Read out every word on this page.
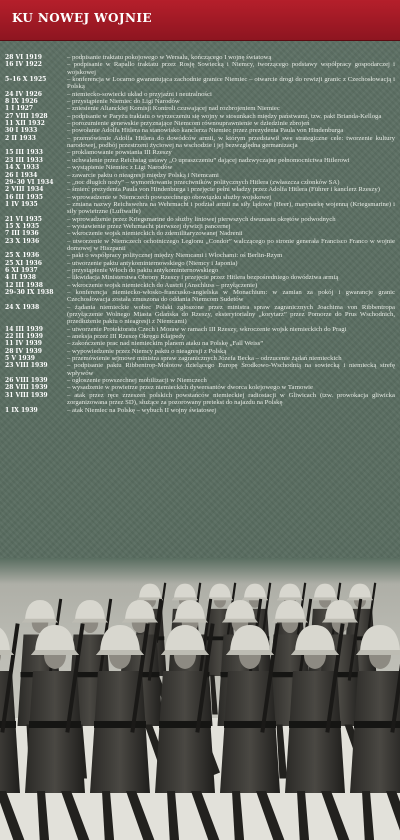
KU NOWEJ WOJNIE
28 VI 1919	– podpisanie traktatu pokojowego w Wersalu, kończącego I wojnę światową
16 IV 1922	– podpisanie w Rapallo traktatu przez Rosję Sowiecką i Niemcy, tworzącego podstawy współpracy gospodarczej i wojskowej
5–16 X 1925	– konferencja w Locarno gwarantująca zachodnie granice Niemiec – otwarcie drogi do rewizji granic z Czechosłowacją i Polską
24 IV 1926	– niemiecko-sowiecki układ o przyjaźni i neutralności
8 IX 1926	– przystąpienie Niemiec do Ligi Narodów
1 I 1927	– zniesienie Alianckiej Komisji Kontroli czuwającej nad rozbrojeniem Niemiec
27 VIII 1928	– podpisanie w Paryżu traktatu o wyrzeczeniu się wojny w stosunkach między państwami, tzw. pakt Brianda-Kelloga
11 XII 1932	– porozumienie genewskie przyznające Niemcom równouprawnienie w dziedzinie zbrojeń
30 I 1933	– powołanie Adolfa Hitlera na stanowisko kanclerza Niemiec przez prezydenta Paula von Hindenburga
2 II 1933	– przemówienie Adolfa Hitlera do dowódców armii, w którym przedstawił swe strategiczne cele: tworzenie kultury narodowej, podbój przestrzeni życiowej na wschodzie i jej bezwzględna germanizacja
15 III 1933	– proklamowanie powstania III Rzeszy
23 III 1933	– uchwalenie przez Reichstag ustawy „O upraszczeniu” dającej nadzwyczajne pełnomocnictwa Hitlerowi
14 X 1933	– wystąpienie Niemiec z Ligi Narodów
26 I 1934	– zawarcie paktu o nieagresji między Polską i Niemcami
29–30 VI 1934	– „noc długich noży” – wymordowanie przeciwników politycznych Hitlera (zwłaszcza członków SA)
2 VIII 1934	– śmierć prezydenta Paula von Hindenburga i przejęcie pełni władzy przez Adolfa Hitlera (Führer i kanclerz Rzeszy)
16 III 1935	– wprowadzenie w Niemczech powszechnego obowiązku służby wojskowej
1 IV 1935	– zmiana nazwy Reichswehra na Wehrmacht i podział armii na siły lądowe (Heer), marynarkę wojenną (Kriegsmarine) i siły powietrzne (Luftwaffe)
21 VI 1935	– wprowadzenie przez Kriegsmarine do służby liniowej pierwszych dwunastu okrętów podwodnych
15 X 1935	– wystawienie przez Wehrmacht pierwszej dywizji pancernej
7 III 1936	– wkroczenie wojsk niemieckich do zdemilitaryzowanej Nadrenii
23 X 1936	– utworzenie w Niemczech ochotniczego Legionu „Condor” walczącego po stronie generała Francisco Franco w wojnie domowej w Hiszpanii
25 X 1936	– pakt o współpracy politycznej między Niemcami i Włochami: oś Berlin-Rzym
25 XI 1936	– utworzenie paktu antykominternowskiego (Niemcy i Japonia)
6 XI 1937	– przystąpienie Włoch do paktu antykominternowskiego
4 II 1938	– likwidacja Ministerstwa Obrony Rzeszy i przejęcie przez Hitlera bezpośredniego dowództwa armią
12 III 1938	– wkroczenie wojsk niemieckich do Austrii (Anschluss – przyłączenie)
29–30 IX 1938	– konferencja niemiecko-włosko-francusko-angielska w Monachium: w zamian za pokój i gwarancje granic Czechosłowacja została zmuszona do oddania Niemcom Sudetów
24 X 1938	– żądania niemieckie wobec Polski zgłoszone przez ministra spraw zagranicznych Joachima von Ribbentropa (przyłączenie Wolnego Miasta Gdańska do Rzeszy, eksterytorialny „korytarz” przez Pomorze do Prus Wschodnich, przedłużenie paktu o nieagresji z Niemcami)
14 III 1939	– utworzenie Protektoratu Czech i Moraw w ramach III Rzeszy, wkroczenie wojsk niemieckich do Pragi
22 III 1939	– aneksja przez III Rzeszę Okręgu Kłajpedy
11 IV 1939	– zakończenie prac nad niemieckim planem ataku na Polskę „Fall Weiss”
28 IV 1939	– wypowiedzenie przez Niemcy paktu o nieagresji z Polską
5 V 1939	– przemówienie sejmowe ministra spraw zagranicznych Józefa Becka – odrzucenie żądań niemieckich
23 VIII 1939	– podpisanie paktu Ribbentrop-Mołotow dzielącego Europę Środkowo-Wschodnią na sowiecką i niemiecką strefę wpływów
26 VIII 1939	– ogłoszenie powszechnej mobilizacji w Niemczech
28 VIII 1939	– wysadzenie w powietrze przez niemieckich dywersantów dworca kolejowego w Tarnowie
31 VIII 1939	– atak przez ręce zrzeszeń polskich powstańców niemieckiej radiostacji w Gliwicach (tzw. prowokacja gliwicka zorganizowana przez SD), służące za pozorowany pretekst do najazdu na Polskę
1 IX 1939	– atak Niemiec na Polskę – wybuch II wojny światowej
